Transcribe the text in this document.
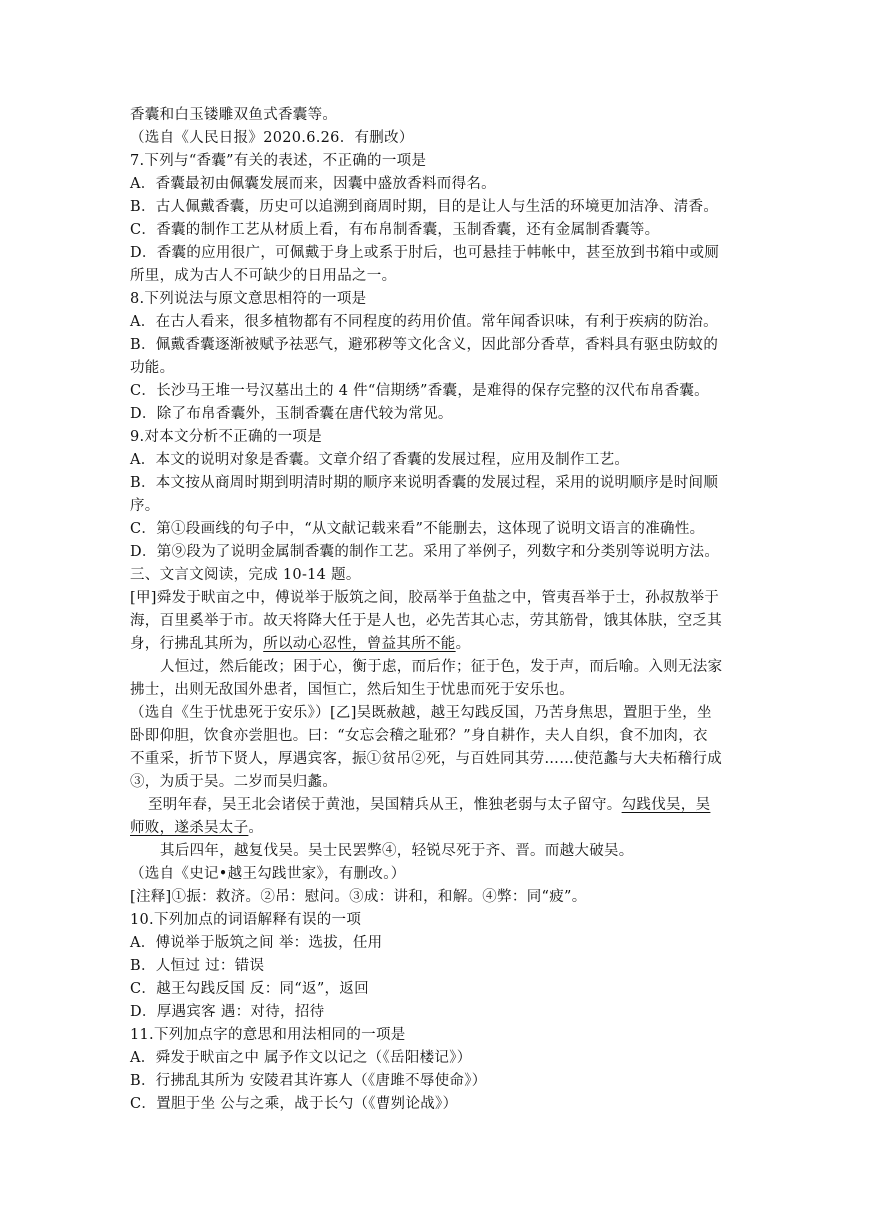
香囊和白玉镂雕双鱼式香囊等。
（选自《人民日报》2020.6.26．有删改）
7.下列与“香囊”有关的表述，不正确的一项是
A．香囊最初由佩囊发展而来，因囊中盛放香料而得名。
B．古人佩戴香囊，历史可以追溯到商周时期，目的是让人与生活的环境更加洁净、清香。
C．香囊的制作工艺从材质上看，有布帛制香囊，玉制香囊，还有金属制香囊等。
D．香囊的应用很广，可佩戴于身上或系于肘后，也可悬挂于帏帐中，甚至放到书箱中或厕
所里，成为古人不可缺少的日用品之一。
8.下列说法与原文意思相符的一项是
A．在古人看来，很多植物都有不同程度的药用价值。常年闻香识味，有利于疾病的防治。
B．佩戴香囊逐渐被赋予祛恶气，避邪秽等文化含义，因此部分香草，香料具有驱虫防蚊的
功能。
C．长沙马王堆一号汉墓出土的 4 件“信期绣”香囊，是难得的保存完整的汉代布帛香囊。
D．除了布帛香囊外，玉制香囊在唐代较为常见。
9.对本文分析不正确的一项是
A．本文的说明对象是香囊。文章介绍了香囊的发展过程，应用及制作工艺。
B．本文按从商周时期到明清时期的顺序来说明香囊的发展过程，采用的说明顺序是时间顺
序。
C．第①段画线的句子中，“从文献记载来看”不能删去，这体现了说明文语言的准确性。
D．第⑨段为了说明金属制香囊的制作工艺。采用了举例子，列数字和分类别等说明方法。
三、文言文阅读，完成 10-14 题。
[甲]舜发于畎亩之中，傅说举于版筑之间，胶鬲举于鱼盐之中，管夷吾举于士，孙叔敖举于
海，百里奚举于市。故天将降大任于是人也，必先苦其心志，劳其筋骨，饿其体肤，空乏其
身，行拂乱其所为，所以动心忍性，曾益其所不能。
人恒过，然后能改；困于心，衡于虑，而后作；征于色，发于声，而后喻。入则无法家
拂士，出则无敌国外患者，国恒亡，然后知生于忧患而死于安乐也。
（选自《生于忧患死于安乐》）[乙]吴既赦越，越王勾践反国，乃苦身焦思，置胆于坐，坐
卧即仰胆，饮食亦尝胆也。曰：“女忘会稽之耻邪？”身自耕作，夫人自织，食不加肉，衣
不重采，折节下贤人，厚遇宾客，振①贫吊②死，与百姓同其劳……使范蠡与大夫柘稽行成
③，为质于吴。二岁而吴归蠡。
至明年春，吴王北会诸侯于黄池，吴国精兵从王，惟独老弱与太子留守。勾践伐吴，吴
师败，遂杀吴太子。
其后四年，越复伐吴。吴士民罢弊④，轻锐尽死于齐、晋。而越大破吴。
（选自《史记•越王勾践世家》，有删改。）
[注释]①振：救济。②吊：慰问。③成：讲和，和解。④弊：同“疲”。
10.下列加点的词语解释有误的一项
A．傅说举于版筑之间 举：选拔，任用
B．人恒过 过：错误
C．越王勾践反国 反：同“返”，返回
D．厚遇宾客 遇：对待，招待
11.下列加点字的意思和用法相同的一项是
A．舜发于畎亩之中 属予作文以记之（《岳阳楼记》）
B．行拂乱其所为 安陵君其许寡人（《唐雎不辱使命》）
C．置胆于坐 公与之乘，战于长勺（《曹刿论战》）
